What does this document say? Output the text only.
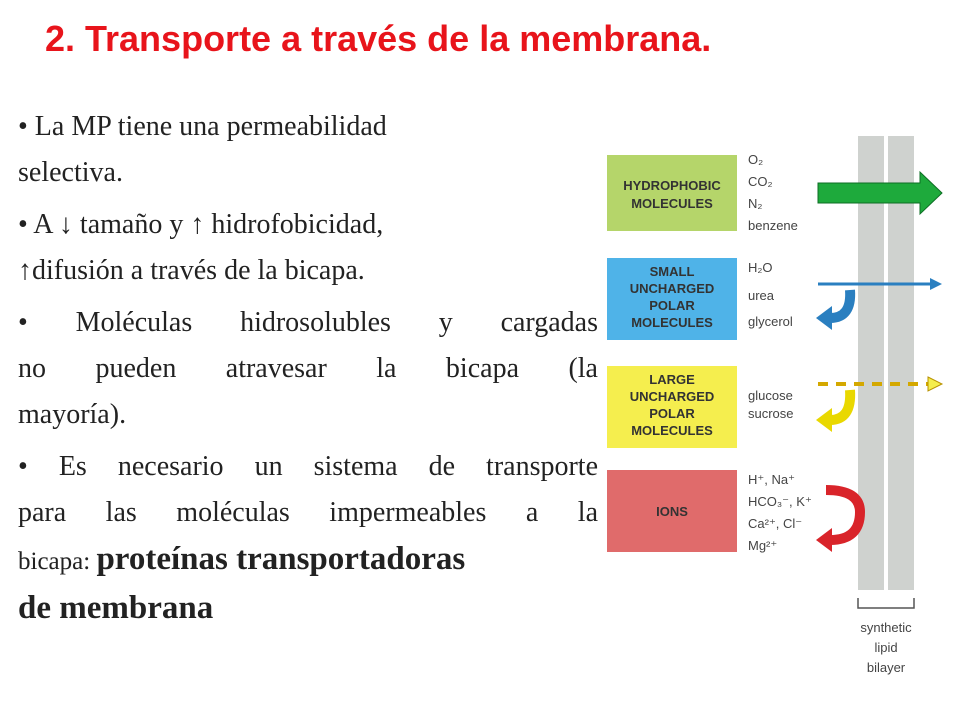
2. Transporte a través de la membrana.
• La MP tiene una permeabilidad
selectiva.
• A ↓ tamaño y ↑ hidrofobicidad,
↑difusión a través de la bicapa.
• Moléculas hidrosolubles y cargadas
no pueden atravesar la bicapa (la
mayoría).
• Es necesario un sistema de transporte
para las moléculas impermeables a la
bicapa: proteínas transportadoras
de membrana
synthetic
lipid
bilayer
HYDROPHOBIC
MOLECULES
O₂
CO₂
N₂
benzene
SMALL
UNCHARGED
POLAR
MOLECULES
H₂O
urea
glycerol
LARGE
UNCHARGED
POLAR
MOLECULES
glucose
sucrose
IONS
H⁺, Na⁺
HCO₃⁻, K⁺
Ca²⁺, Cl⁻
Mg²⁺
